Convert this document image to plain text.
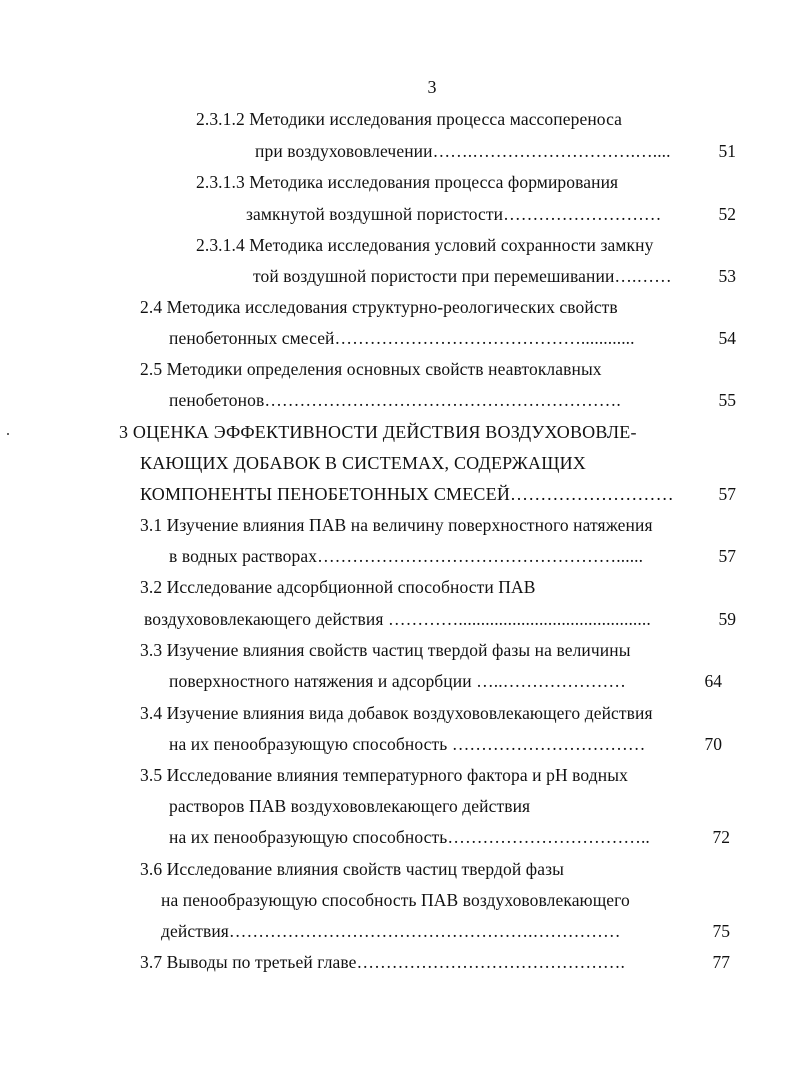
3
2.3.1.2 Методики исследования процесса массопереноса
при воздухововлечении…….……………………….…....	51
2.3.1.3 Методика исследования процесса формирования
замкнутой воздушной пористости………………………	52
2.3.1.4 Методика исследования условий сохранности замкну
той воздушной пористости при перемешивании….……	53
2.4 Методика исследования структурно-реологических свойств
пенобетонных смесей……………………………………............	54
2.5 Методики определения основных свойств неавтоклавных
пенобетонов…………………………………………………….	55
3 ОЦЕНКА ЭФФЕКТИВНОСТИ ДЕЙСТВИЯ ВОЗДУХОВОВЛЕ-
КАЮЩИХ ДОБАВОК В СИСТЕМАХ, СОДЕРЖАЩИХ
КОМПОНЕНТЫ ПЕНОБЕТОННЫХ СМЕСЕЙ………………………	57
3.1 Изучение влияния ПАВ на величину поверхностного натяжения
в водных растворах……………………………………………......	57
3.2 Исследование адсорбционной способности ПАВ
воздухововлекающего действия …………...........................................	59
3.3 Изучение влияния свойств частиц твердой фазы на величины
поверхностного натяжения и адсорбции …..…………………	64
3.4 Изучение влияния вида добавок воздухововлекающего действия
на их пенообразующую способность ……………………………	70
3.5 Исследование влияния температурного фактора и pH водных
растворов ПАВ воздухововлекающего действия
на их пенообразующую способность……………………………..	72
3.6 Исследование влияния свойств частиц твердой фазы
на пенообразующую способность ПАВ воздухововлекающего
действия…………………………………………….……………	75
3.7 Выводы по третьей главе……………………………………….	77
